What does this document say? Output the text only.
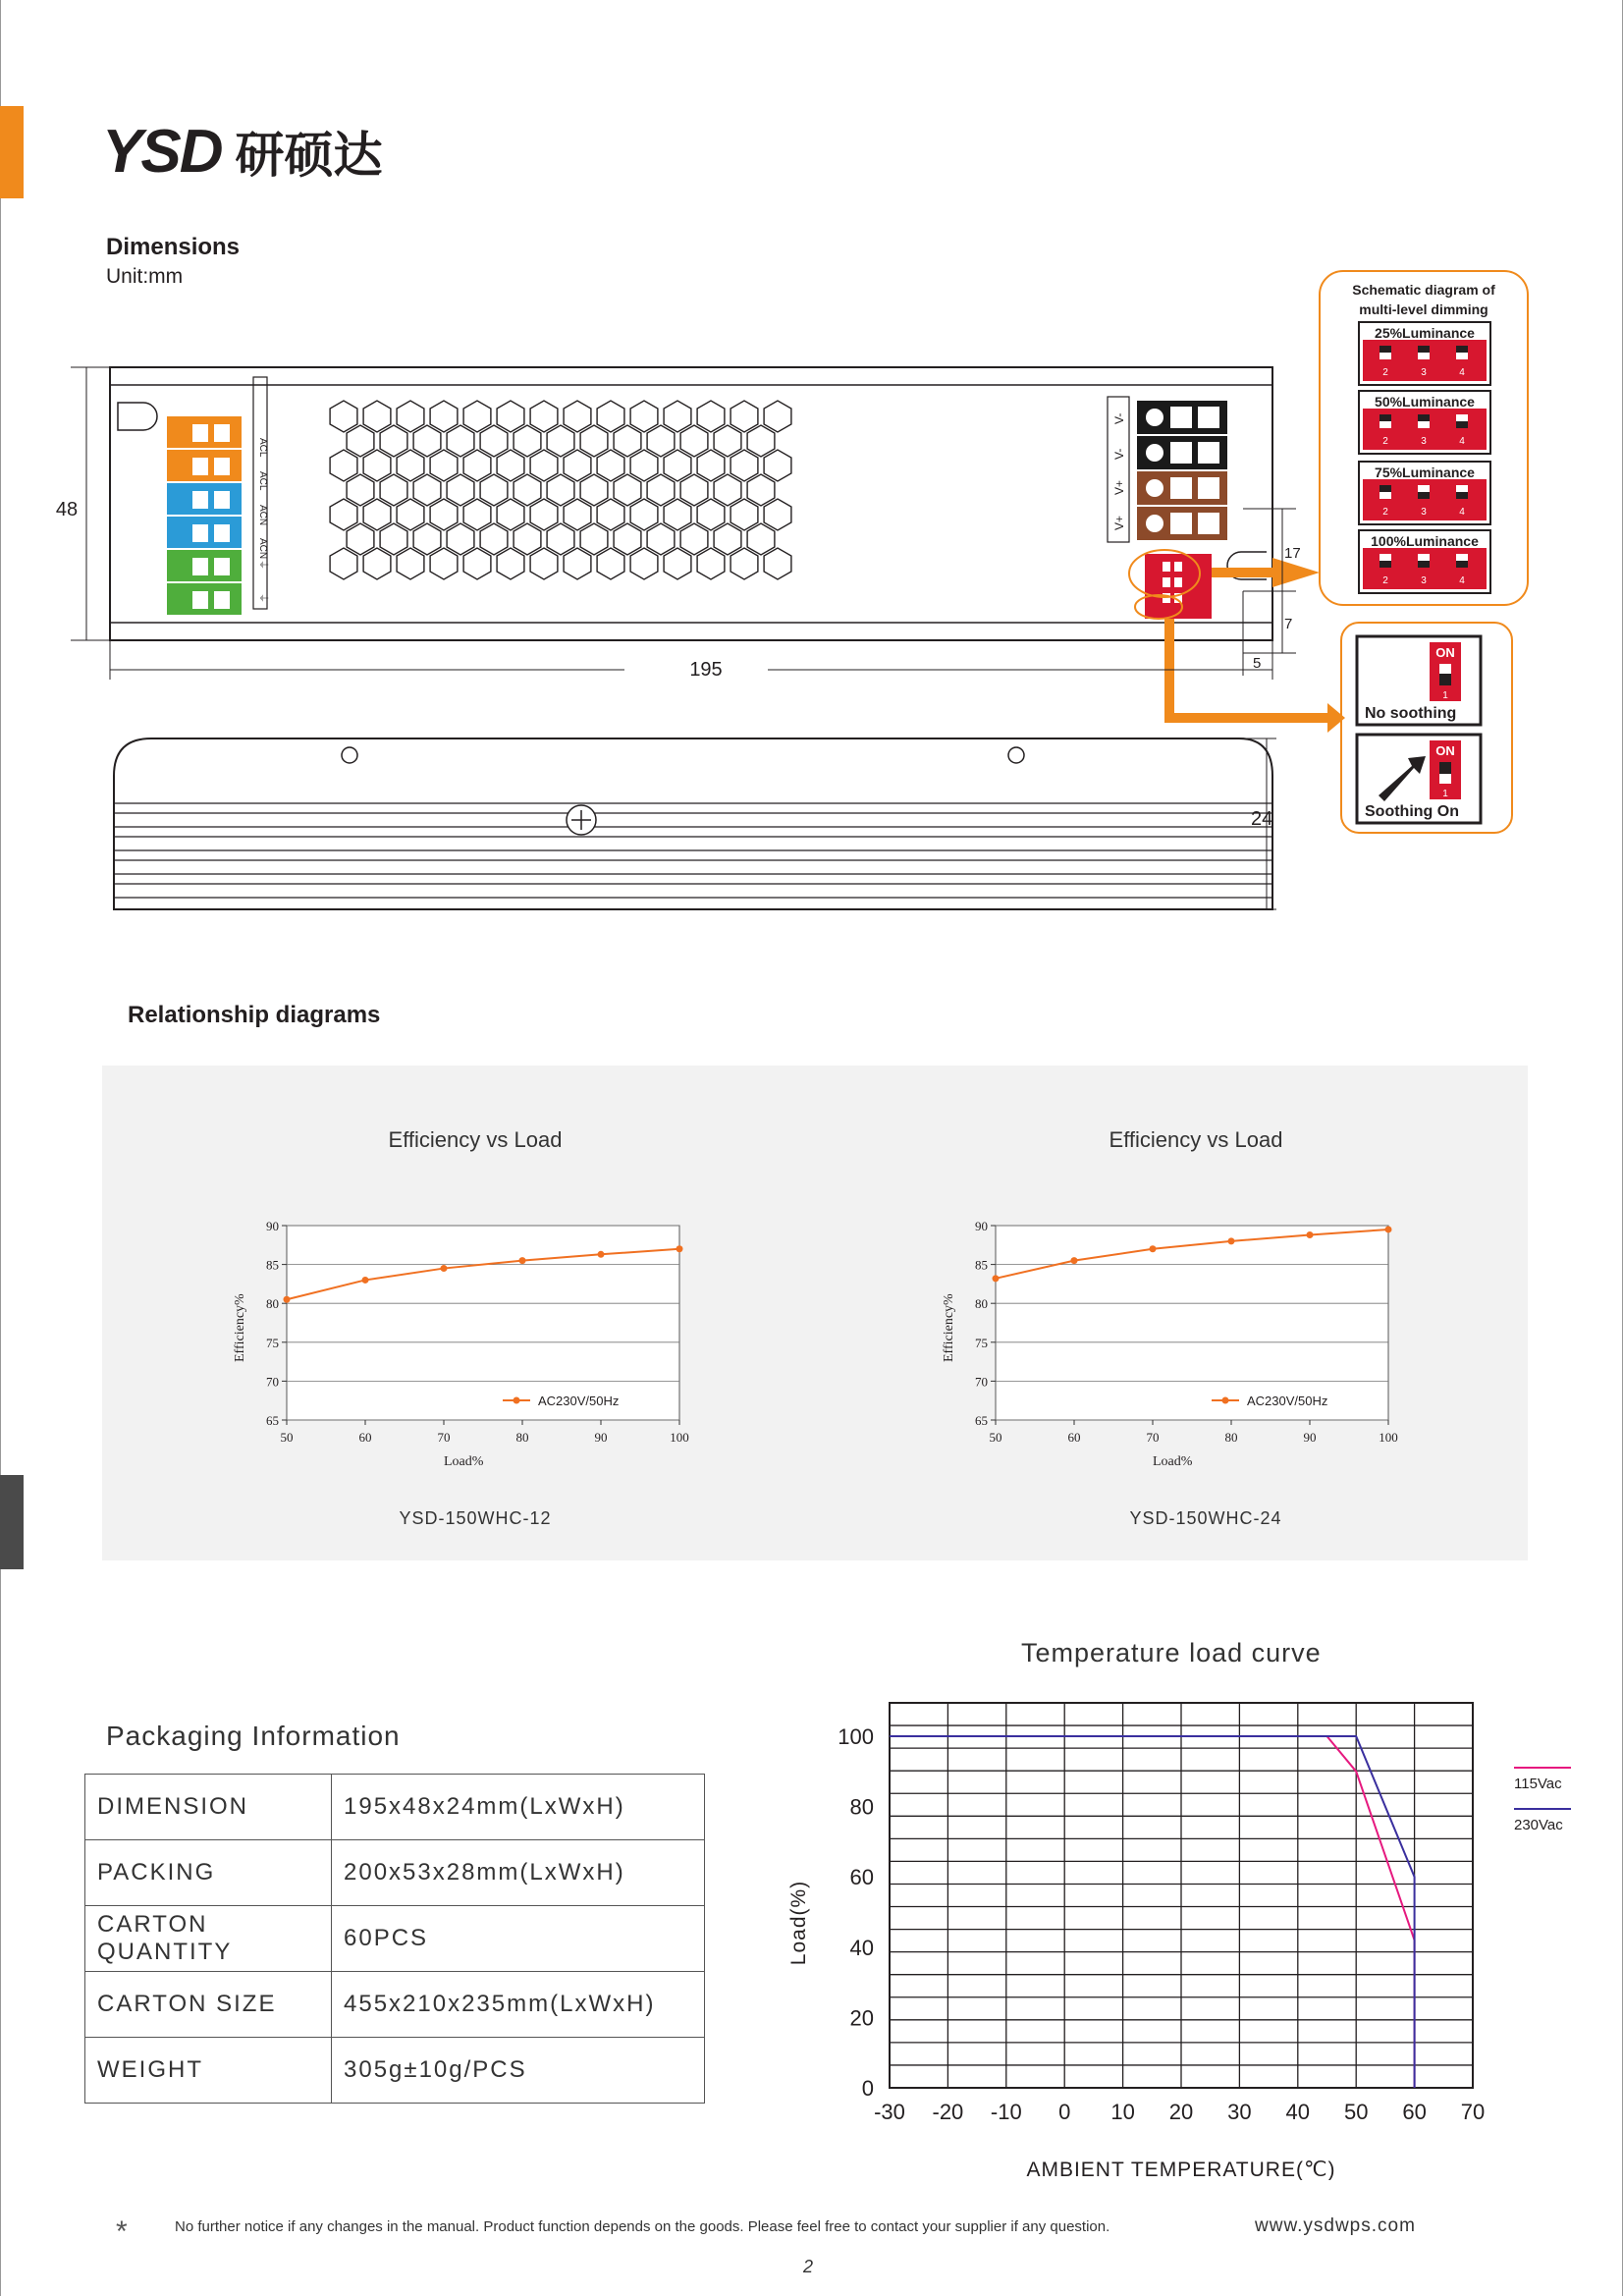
YSD 研硕达
Dimensions
Unit:mm
ACL
ACL
ACN
ACN
⏚
⏚
V-
V-
V+
V+
48
195
17
7
5
24
Schematic diagram of
multi-level dimming
25%Luminance
2	3	4
50%Luminance
2	3	4
75%Luminance
2	3	4
100%Luminance
2	3	4
ON
1
No soothing
ON
1
Soothing On
Relationship diagrams
Efficiency vs Load	Efficiency vs Load
65
70
75
80
85
90
50	60	70	80	90	100
Load%
Efficiency%
AC230V/50Hz
65
70
75
80
85
90
50	60	70	80	90	100
Load%
Efficiency%
AC230V/50Hz
YSD-150WHC-12	YSD-150WHC-24
Packaging Information
DIMENSION	195x48x24mm(LxWxH)
PACKING	200x53x28mm(LxWxH)
CARTON QUANTITY	60PCS
CARTON SIZE	455x210x235mm(LxWxH)
WEIGHT	305g±10g/PCS
Temperature load curve
0
20
40
60
80
100
-30 -20 -10 0 10 20 30 40 50 60 70
AMBIENT TEMPERATURE(℃)
Load(%)
115Vac
230Vac
*	No further notice if any changes in the manual. Product function depends on the goods. Please feel free to contact your supplier if any question.	www.ysdwps.com
2
